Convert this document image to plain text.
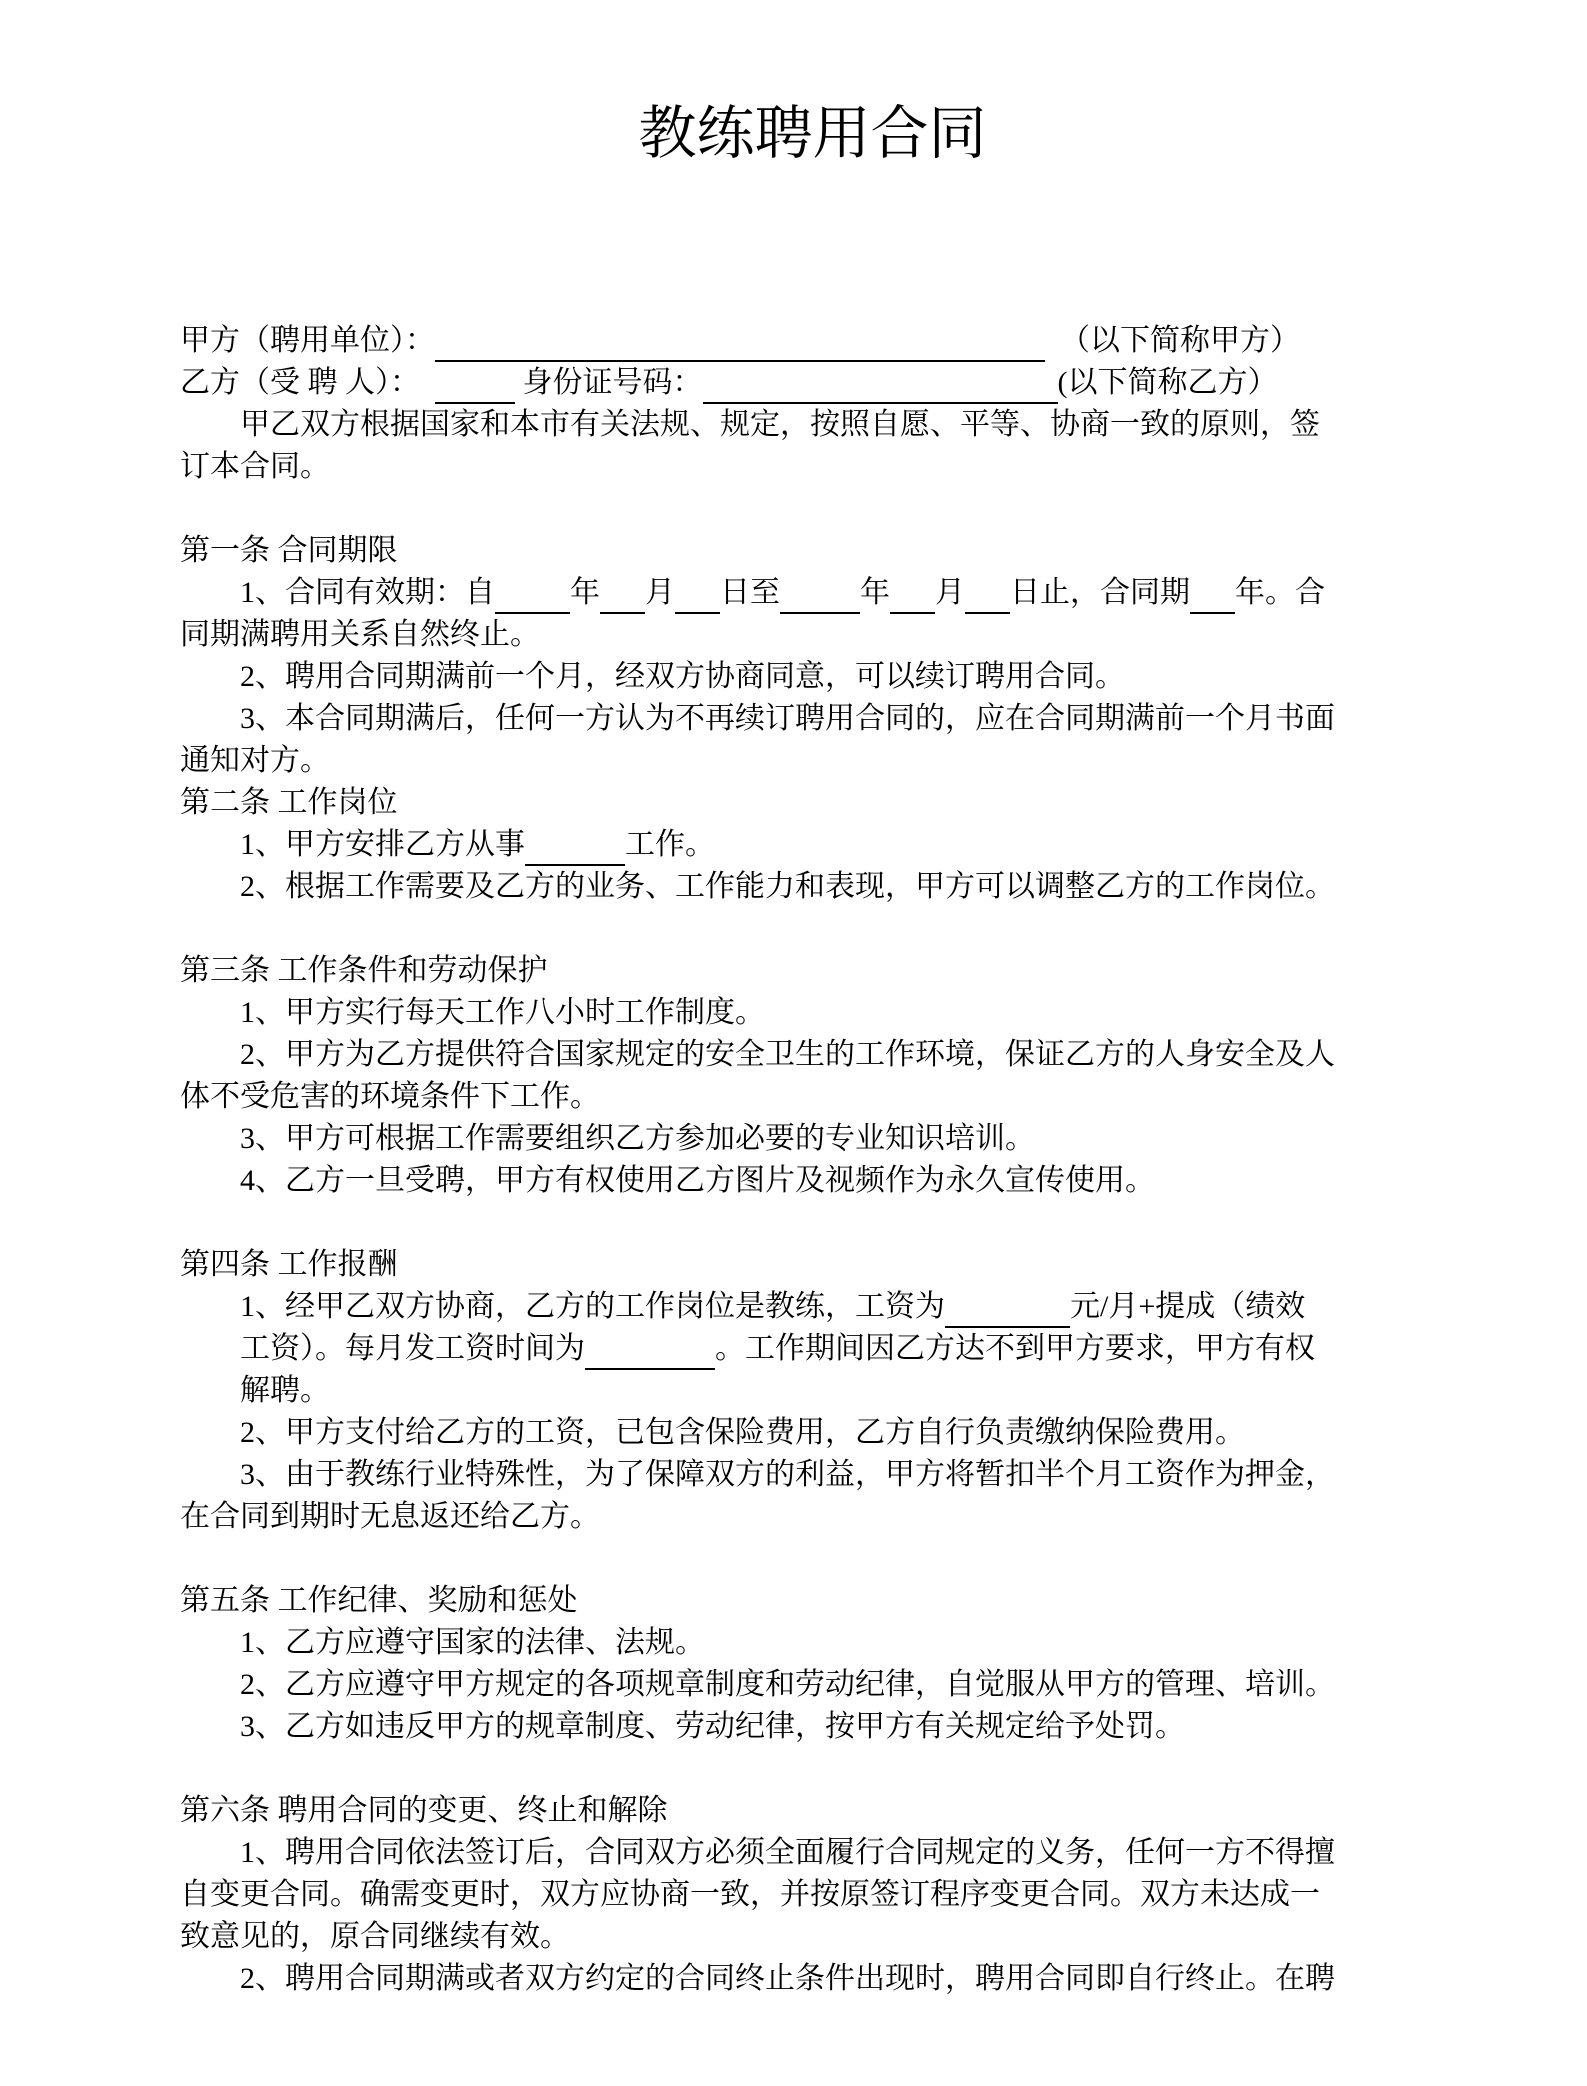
教练聘用合同
甲方（聘用单位）：	　（以下简称甲方）
乙方（受 聘 人）：　	身份证号码：	(以下简称乙方）
甲乙双方根据国家和本市有关法规、规定，按照自愿、平等、协商一致的原则，签
订本合同。
第一条 合同期限
1、合同有效期：自	年 月 日至	年 月 日止，合同期 年。合
同期满聘用关系自然终止。
2、聘用合同期满前一个月，经双方协商同意，可以续订聘用合同。
3、本合同期满后，任何一方认为不再续订聘用合同的，应在合同期满前一个月书面
通知对方。
第二条 工作岗位
1、甲方安排乙方从事	工作。
2、根据工作需要及乙方的业务、工作能力和表现，甲方可以调整乙方的工作岗位。
第三条 工作条件和劳动保护
1、甲方实行每天工作八小时工作制度。
2、甲方为乙方提供符合国家规定的安全卫生的工作环境，保证乙方的人身安全及人
体不受危害的环境条件下工作。
3、甲方可根据工作需要组织乙方参加必要的专业知识培训。
4、乙方一旦受聘，甲方有权使用乙方图片及视频作为永久宣传使用。
第四条 工作报酬
1、经甲乙双方协商，乙方的工作岗位是教练，工资为	元/月+提成（绩效
工资）。每月发工资时间为	。工作期间因乙方达不到甲方要求，甲方有权
解聘。
2、甲方支付给乙方的工资，已包含保险费用，乙方自行负责缴纳保险费用。
3、由于教练行业特殊性，为了保障双方的利益，甲方将暂扣半个月工资作为押金，
在合同到期时无息返还给乙方。
第五条 工作纪律、奖励和惩处
1、乙方应遵守国家的法律、法规。
2、乙方应遵守甲方规定的各项规章制度和劳动纪律，自觉服从甲方的管理、培训。
3、乙方如违反甲方的规章制度、劳动纪律，按甲方有关规定给予处罚。
第六条 聘用合同的变更、终止和解除
1、聘用合同依法签订后，合同双方必须全面履行合同规定的义务，任何一方不得擅
自变更合同。确需变更时，双方应协商一致，并按原签订程序变更合同。双方未达成一
致意见的，原合同继续有效。
2、聘用合同期满或者双方约定的合同终止条件出现时，聘用合同即自行终止。在聘
